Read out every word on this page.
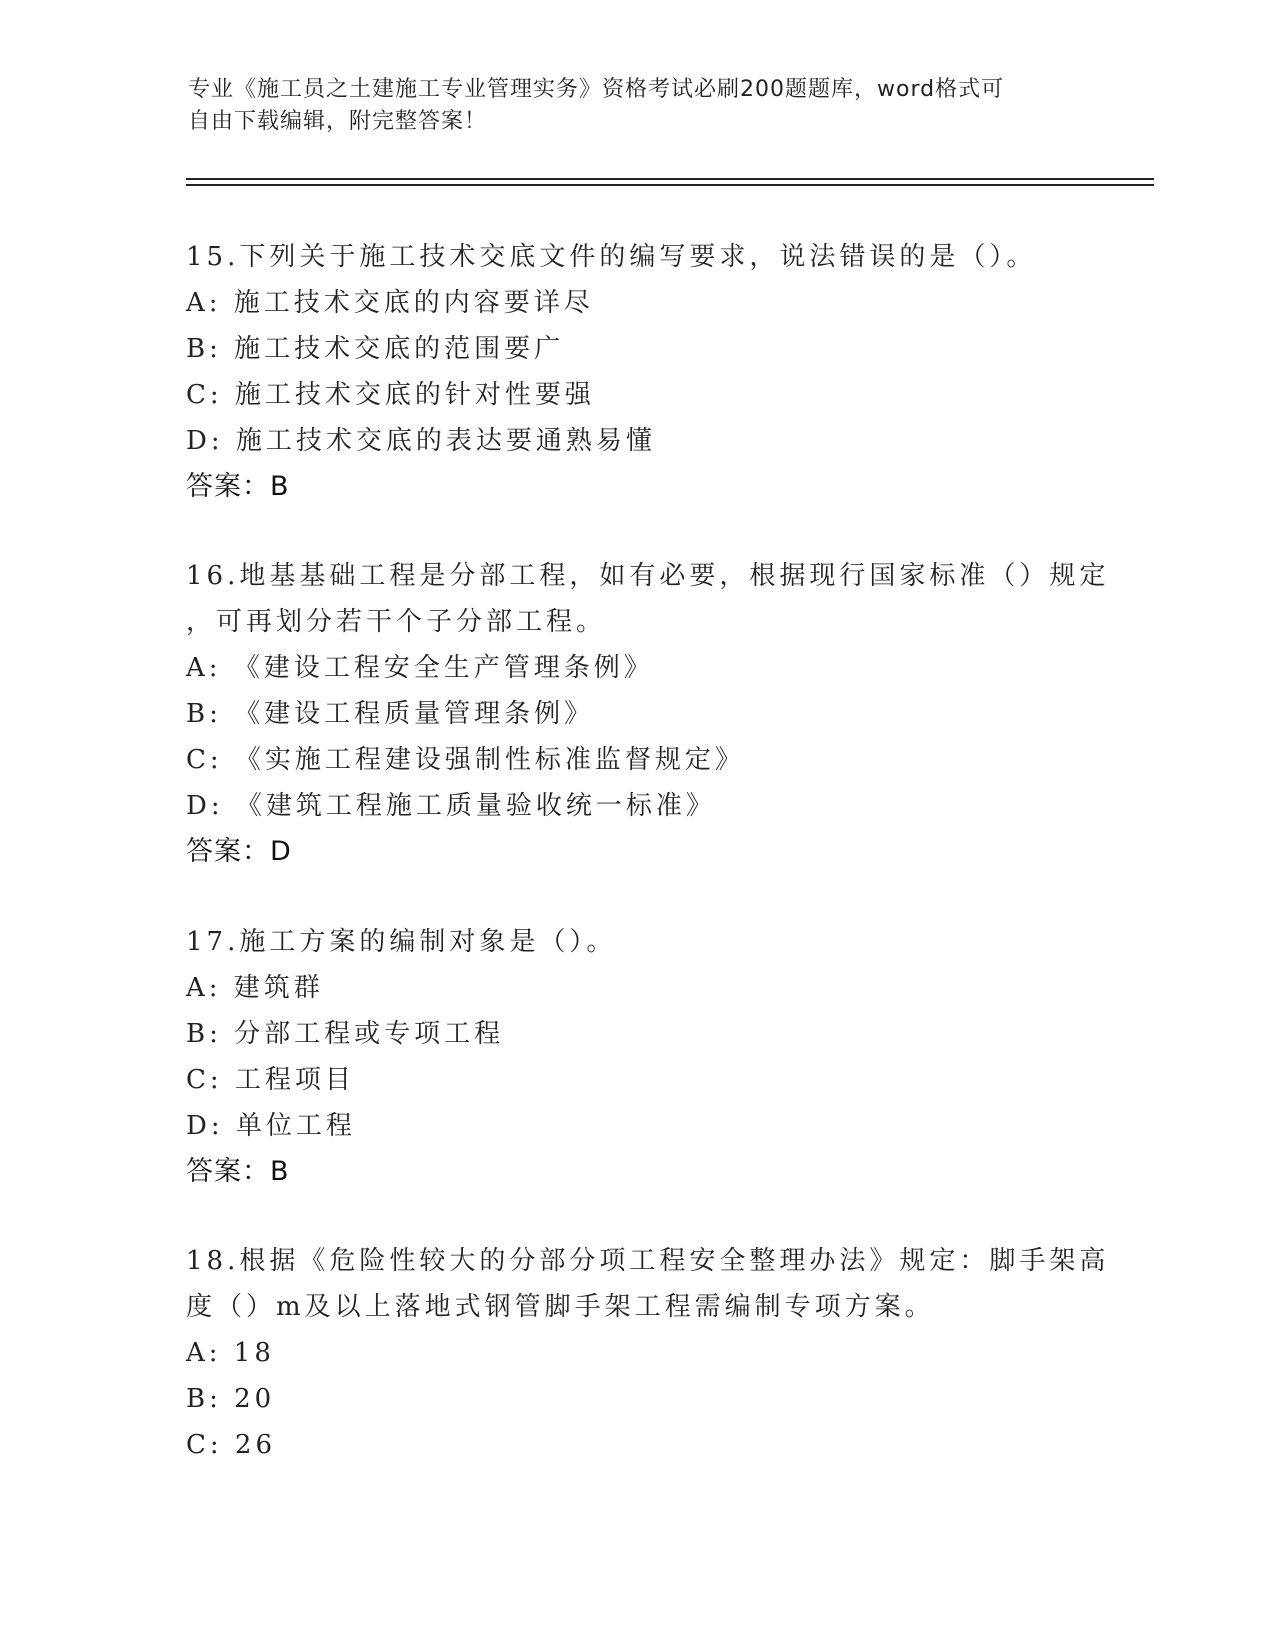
专业《施工员之土建施工专业管理实务》资格考试必刷200题题库，word格式可
自由下载编辑，附完整答案！
15.下列关于施工技术交底文件的编写要求，说法错误的是（）。
A: 施工技术交底的内容要详尽
B: 施工技术交底的范围要广
C: 施工技术交底的针对性要强
D: 施工技术交底的表达要通熟易懂
答案：B
16.地基基础工程是分部工程，如有必要，根据现行国家标准（）规定
，可再划分若干个子分部工程。
A: 《建设工程安全生产管理条例》
B: 《建设工程质量管理条例》
C: 《实施工程建设强制性标准监督规定》
D: 《建筑工程施工质量验收统一标准》
答案：D
17.施工方案的编制对象是（）。
A: 建筑群
B: 分部工程或专项工程
C: 工程项目
D: 单位工程
答案：B
18.根据《危险性较大的分部分项工程安全整理办法》规定：脚手架高
度（）m及以上落地式钢管脚手架工程需编制专项方案。
A: 18
B: 20
C: 26
